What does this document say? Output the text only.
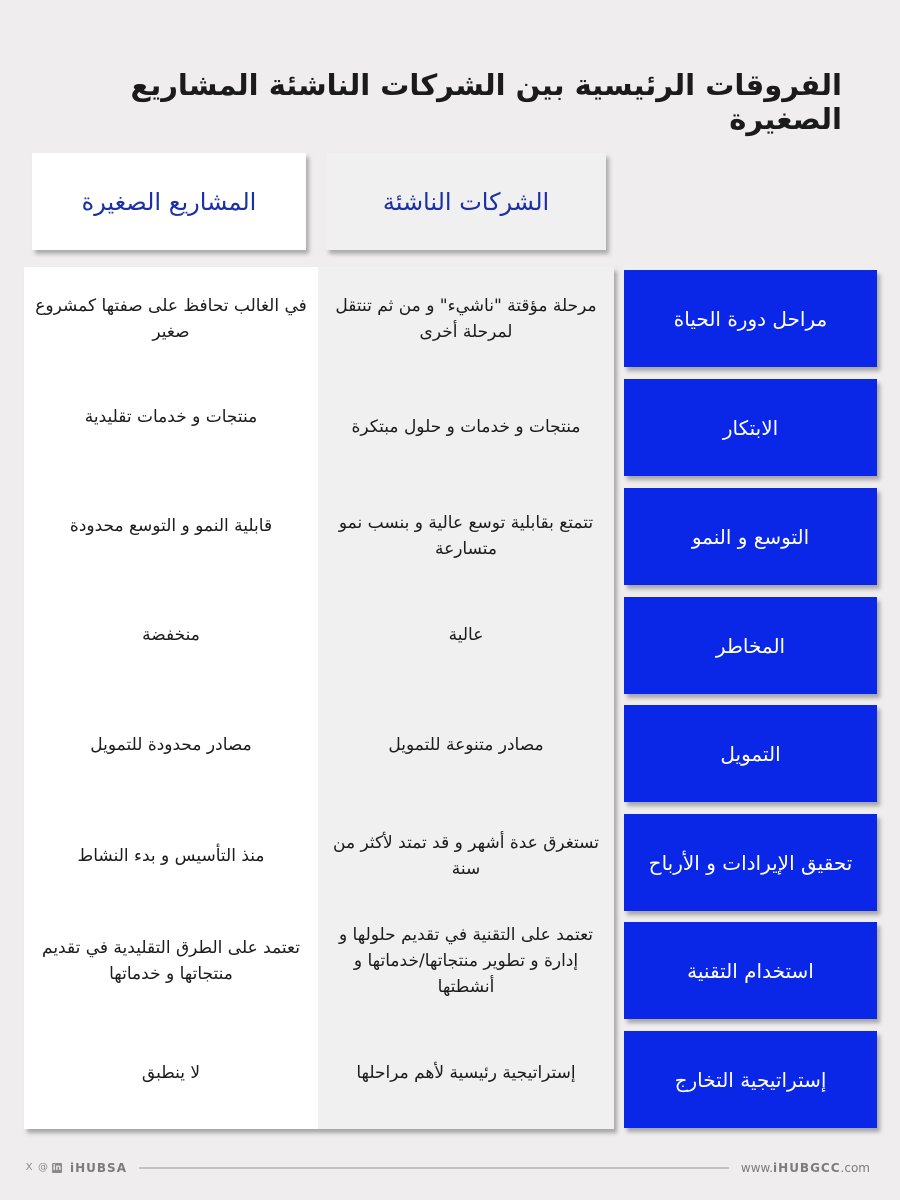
الفروقات الرئيسية بين الشركات الناشئة المشاريع الصغيرة
المشاريع الصغيرة	الشركات الناشئة
مرحلة مؤقتة "ناشيء" و من ثم تنتقل لمرحلة أخرى
في الغالب تحافظ على صفتها كمشروع صغير
منتجات و خدمات و حلول مبتكرة
منتجات و خدمات تقليدية
تتمتع بقابلية توسع عالية و بنسب نمو متسارعة
قابلية النمو و التوسع محدودة
عالية
منخفضة
مصادر متنوعة للتمويل
مصادر محدودة للتمويل
تستغرق عدة أشهر و قد تمتد لأكثر من سنة
منذ التأسيس و بدء النشاط
تعتمد على التقنية في تقديم حلولها و إدارة و تطوير منتجاتها/خدماتها و أنشطتها
تعتمد على الطرق التقليدية في تقديم منتجاتها و خدماتها
إستراتيجية رئيسية لأهم مراحلها
لا ينطبق
مراحل دورة الحياة
الابتكار
التوسع و النمو
المخاطر
التمويل
تحقيق الإيرادات و الأرباح
استخدام التقنية
إستراتيجية التخارج
X @ in iHUBSA	www.iHUBGCC.com
